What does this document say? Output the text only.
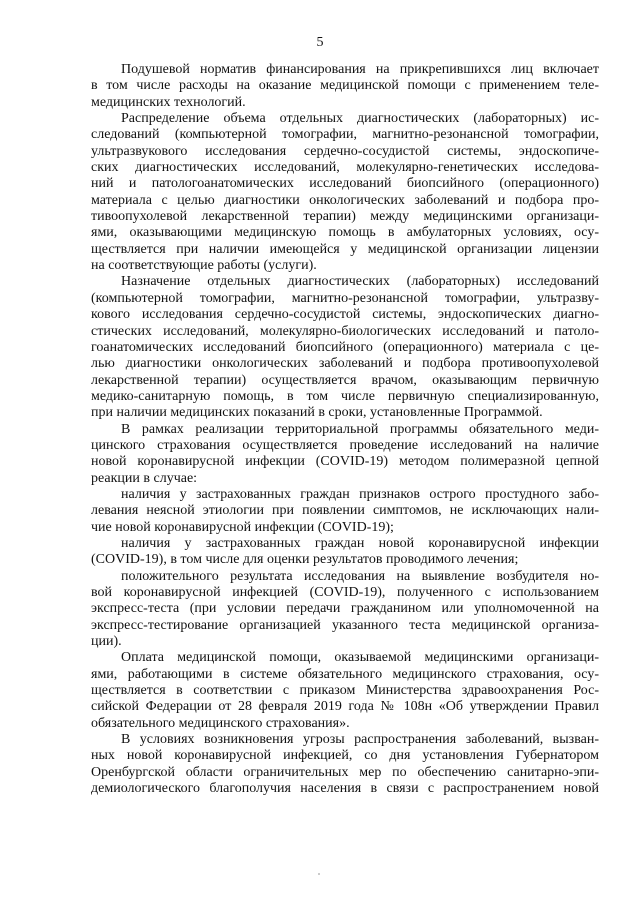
5
Подушевой норматив финансирования на прикрепившихся лиц включает
в том числе расходы на оказание медицинской помощи с применением теле-
медицинских технологий.
Распределение объема отдельных диагностических (лабораторных) ис-
следований (компьютерной томографии, магнитно-резонансной томографии,
ультразвукового исследования сердечно-сосудистой системы, эндоскопиче-
ских диагностических исследований, молекулярно-генетических исследова-
ний и патологоанатомических исследований биопсийного (операционного)
материала с целью диагностики онкологических заболеваний и подбора про-
тивоопухолевой лекарственной терапии) между медицинскими организаци-
ями, оказывающими медицинскую помощь в амбулаторных условиях, осу-
ществляется при наличии имеющейся у медицинской организации лицензии
на соответствующие работы (услуги).
Назначение отдельных диагностических (лабораторных) исследований
(компьютерной томографии, магнитно-резонансной томографии, ультразву-
кового исследования сердечно-сосудистой системы, эндоскопических диагно-
стических исследований, молекулярно-биологических исследований и патоло-
гоанатомических исследований биопсийного (операционного) материала с це-
лью диагностики онкологических заболеваний и подбора противоопухолевой
лекарственной терапии) осуществляется врачом, оказывающим первичную
медико-санитарную помощь, в том числе первичную специализированную,
при наличии медицинских показаний в сроки, установленные Программой.
В рамках реализации территориальной программы обязательного меди-
цинского страхования осуществляется проведение исследований на наличие
новой коронавирусной инфекции (COVID-19) методом полимеразной цепной
реакции в случае:
наличия у застрахованных граждан признаков острого простудного забо-
левания неясной этиологии при появлении симптомов, не исключающих нали-
чие новой коронавирусной инфекции (COVID-19);
наличия у застрахованных граждан новой коронавирусной инфекции
(COVID-19), в том числе для оценки результатов проводимого лечения;
положительного результата исследования на выявление возбудителя но-
вой коронавирусной инфекцией (COVID-19), полученного с использованием
экспресс-теста (при условии передачи гражданином или уполномоченной на
экспресс-тестирование организацией указанного теста медицинской организа-
ции).
Оплата медицинской помощи, оказываемой медицинскими организаци-
ями, работающими в системе обязательного медицинского страхования, осу-
ществляется в соответствии с приказом Министерства здравоохранения Рос-
сийской Федерации от 28 февраля 2019 года № 108н «Об утверждении Правил
обязательного медицинского страхования».
В условиях возникновения угрозы распространения заболеваний, вызван-
ных новой коронавирусной инфекцией, со дня установления Губернатором
Оренбургской области ограничительных мер по обеспечению санитарно-эпи-
демиологического благополучия населения в связи с распространением новой
